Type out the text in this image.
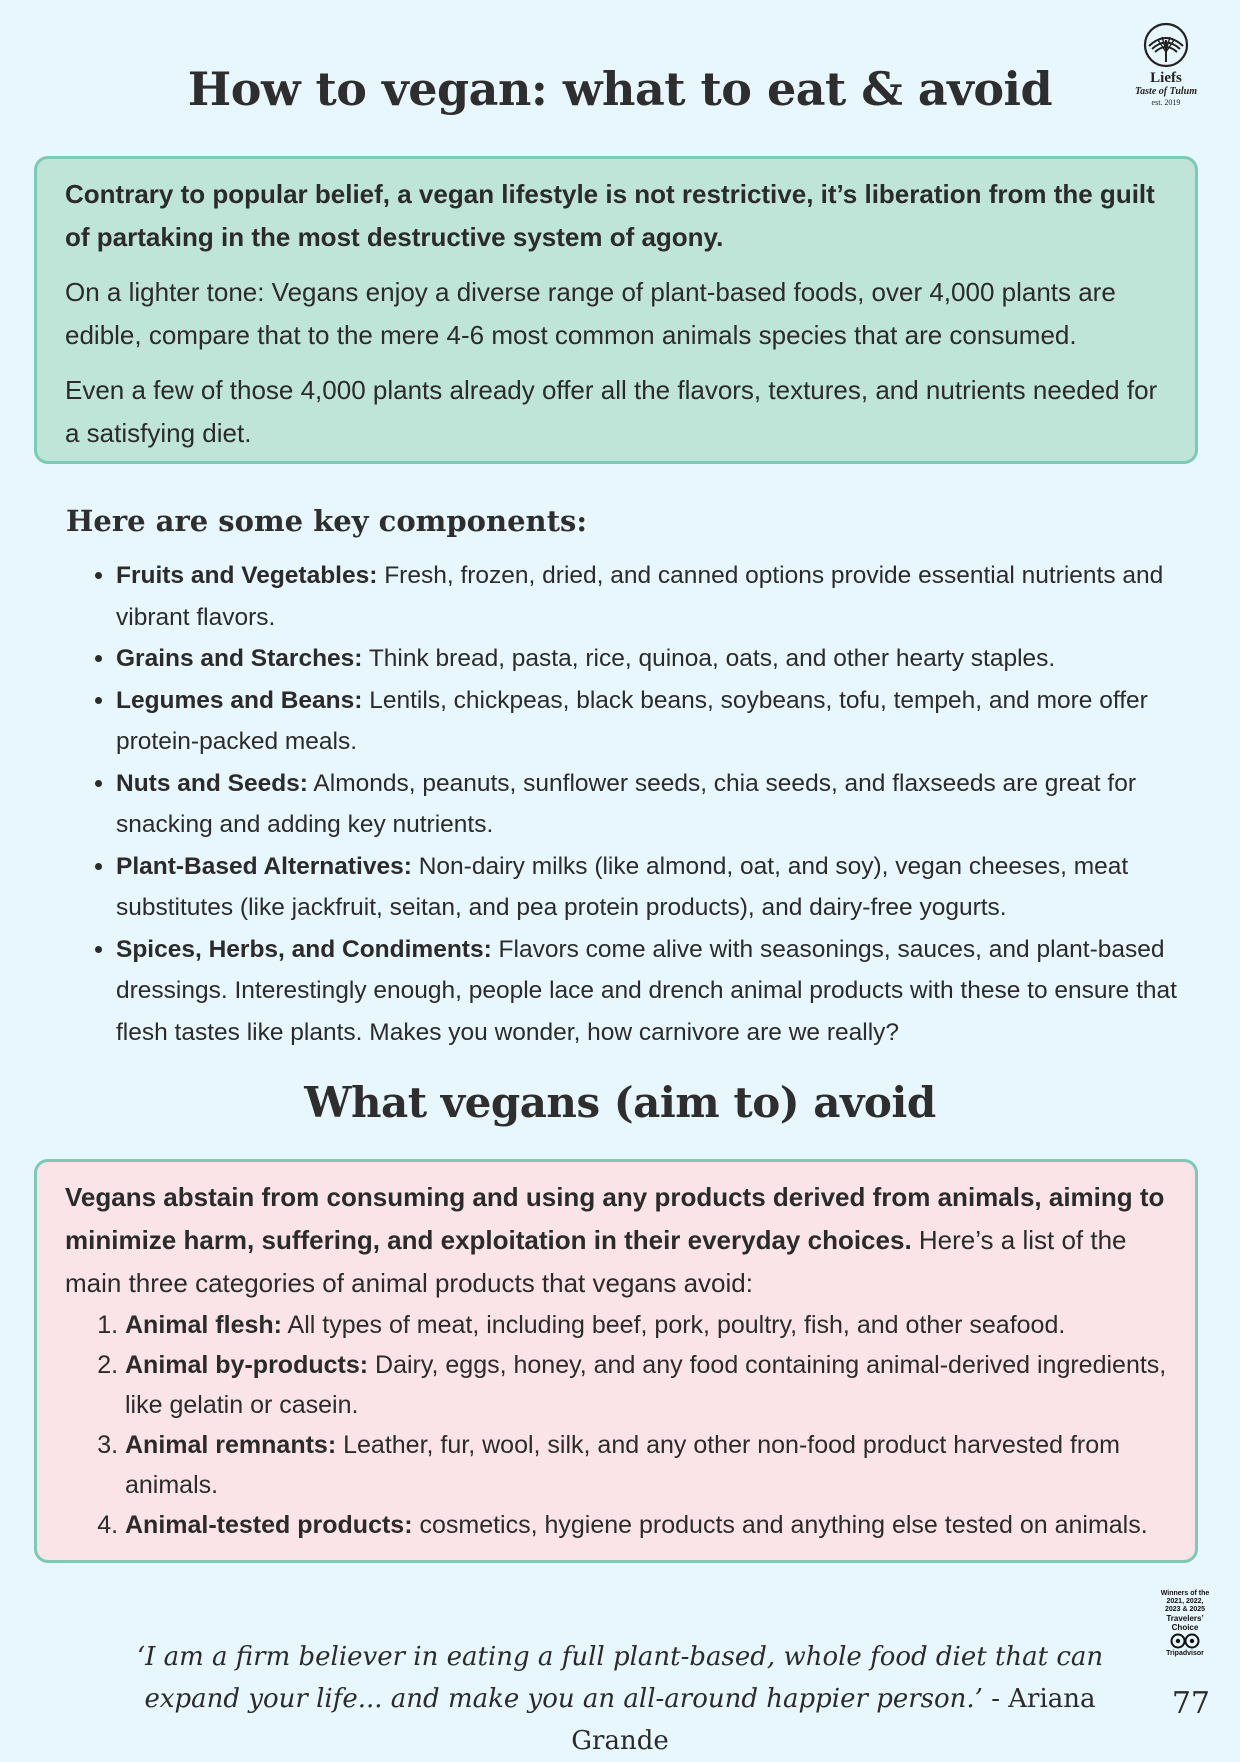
How to vegan: what to eat & avoid	Liefs
Taste of Tulum
est. 2019

Contrary to popular belief, a vegan lifestyle is not restrictive, it’s liberation from the guilt of partaking in the most destructive system of agony.

On a lighter tone: Vegans enjoy a diverse range of plant-based foods, over 4,000 plants are edible, compare that to the mere 4-6 most common animals species that are consumed.

Even a few of those 4,000 plants already offer all the flavors, textures, and nutrients needed for a satisfying diet.

Here are some key components:
• Fruits and Vegetables: Fresh, frozen, dried, and canned options provide essential nutrients and vibrant flavors.
• Grains and Starches: Think bread, pasta, rice, quinoa, oats, and other hearty staples.
• Legumes and Beans: Lentils, chickpeas, black beans, soybeans, tofu, tempeh, and more offer protein-packed meals.
• Nuts and Seeds: Almonds, peanuts, sunflower seeds, chia seeds, and flaxseeds are great for snacking and adding key nutrients.
• Plant-Based Alternatives: Non-dairy milks (like almond, oat, and soy), vegan cheeses, meat substitutes (like jackfruit, seitan, and pea protein products), and dairy-free yogurts.
• Spices, Herbs, and Condiments: Flavors come alive with seasonings, sauces, and plant-based dressings. Interestingly enough, people lace and drench animal products with these to ensure that flesh tastes like plants. Makes you wonder, how carnivore are we really?
What vegans (aim to) avoid

Vegans abstain from consuming and using any products derived from animals, aiming to minimize harm, suffering, and exploitation in their everyday choices. Here’s a list of the main three categories of animal products that vegans avoid:

1. Animal flesh: All types of meat, including beef, pork, poultry, fish, and other seafood.
2. Animal by-products: Dairy, eggs, honey, and any food containing animal-derived ingredients, like gelatin or casein.
3. Animal remnants: Leather, fur, wool, silk, and any other non-food product harvested from animals.
4. Animal-tested products: cosmetics, hygiene products and anything else tested on animals.
Winners of the
2021, 2022,
2023 & 2025
Travelers’
Choice
Tripadvisor
‘I am a firm believer in eating a full plant-based, whole food diet that can expand your life... and make you an all-around happier person.’ - Ariana Grande
77
